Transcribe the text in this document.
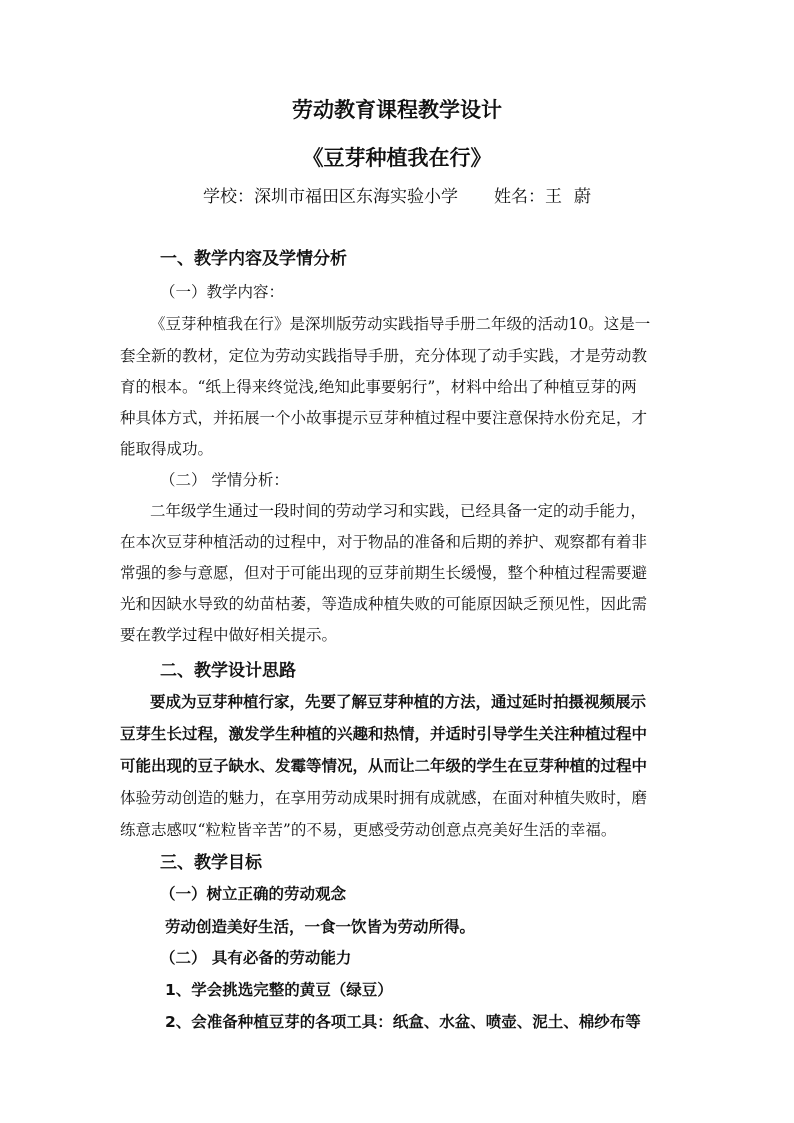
劳动教育课程教学设计
《豆芽种植我在行》
学校：深圳市福田区东海实验小学 姓名：王 蔚
一、教学内容及学情分析
（一）教学内容：
《豆芽种植我在行》是深圳版劳动实践指导手册二年级的活动10。这是一
套全新的教材，定位为劳动实践指导手册，充分体现了动手实践，才是劳动教
育的根本。“纸上得来终觉浅,绝知此事要躬行”，材料中给出了种植豆芽的两
种具体方式，并拓展一个小故事提示豆芽种植过程中要注意保持水份充足，才
能取得成功。
（二） 学情分析：
二年级学生通过一段时间的劳动学习和实践，已经具备一定的动手能力，
在本次豆芽种植活动的过程中，对于物品的准备和后期的养护、观察都有着非
常强的参与意愿，但对于可能出现的豆芽前期生长缓慢，整个种植过程需要避
光和因缺水导致的幼苗枯萎，等造成种植失败的可能原因缺乏预见性，因此需
要在教学过程中做好相关提示。
二、教学设计思路
要成为豆芽种植行家，先要了解豆芽种植的方法，通过延时拍摄视频展示
豆芽生长过程，激发学生种植的兴趣和热情，并适时引导学生关注种植过程中
可能出现的豆子缺水、发霉等情况，从而让二年级的学生在豆芽种植的过程中
体验劳动创造的魅力，在享用劳动成果时拥有成就感，在面对种植失败时，磨
练意志感叹“粒粒皆辛苦”的不易，更感受劳动创意点亮美好生活的幸福。
三、教学目标
（一）树立正确的劳动观念
劳动创造美好生活，一食一饮皆为劳动所得。
（二） 具有必备的劳动能力
1、学会挑选完整的黄豆（绿豆）
2、会准备种植豆芽的各项工具：纸盒、水盆、喷壶、泥土、棉纱布等
